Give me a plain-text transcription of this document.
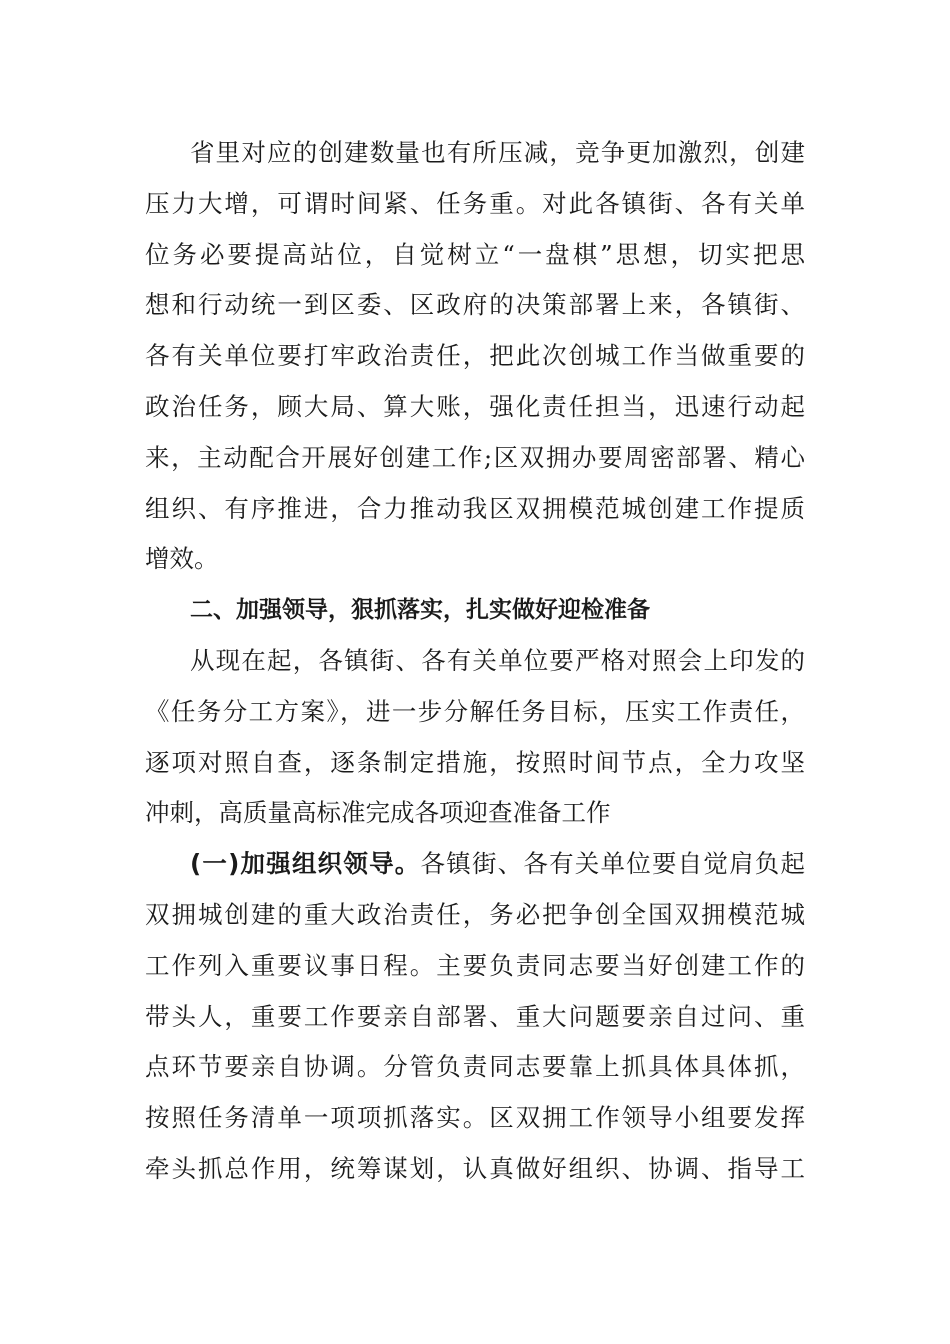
省里对应的创建数量也有所压减，竞争更加激烈，创建
压力大增，可谓时间紧、任务重。对此各镇街、各有关单
位务必要提高站位，自觉树立“一盘棋”思想，切实把思
想和行动统一到区委、区政府的决策部署上来，各镇街、
各有关单位要打牢政治责任，把此次创城工作当做重要的
政治任务，顾大局、算大账，强化责任担当，迅速行动起
来，主动配合开展好创建工作;区双拥办要周密部署、精心
组织、有序推进，合力推动我区双拥模范城创建工作提质
增效。
二、加强领导，狠抓落实，扎实做好迎检准备
从现在起，各镇街、各有关单位要严格对照会上印发的
《任务分工方案》，进一步分解任务目标，压实工作责任，
逐项对照自查，逐条制定措施，按照时间节点，全力攻坚
冲刺，高质量高标准完成各项迎查准备工作
(一)加强组织领导。各镇街、各有关单位要自觉肩负起
双拥城创建的重大政治责任，务必把争创全国双拥模范城
工作列入重要议事日程。主要负责同志要当好创建工作的
带头人，重要工作要亲自部署、重大问题要亲自过问、重
点环节要亲自协调。分管负责同志要靠上抓具体具体抓，
按照任务清单一项项抓落实。区双拥工作领导小组要发挥
牵头抓总作用，统筹谋划，认真做好组织、协调、指导工
